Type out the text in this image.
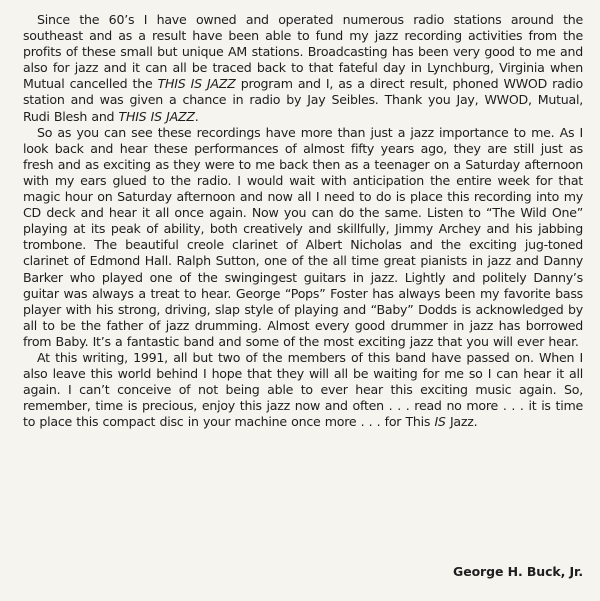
Since the 60’s I have owned and operated numerous radio stations around the southeast and as a result have been able to fund my jazz recording activities from the profits of these small but unique AM stations. Broadcasting has been very good to me and also for jazz and it can all be traced back to that fateful day in Lynchburg, Virginia when Mutual cancelled the THIS IS JAZZ program and I, as a direct result, phoned WWOD radio station and was given a chance in radio by Jay Seibles. Thank you Jay, WWOD, Mutual, Rudi Blesh and THIS IS JAZZ.

So as you can see these recordings have more than just a jazz importance to me. As I look back and hear these performances of almost fifty years ago, they are still just as fresh and as exciting as they were to me back then as a teenager on a Saturday afternoon with my ears glued to the radio. I would wait with anticipation the entire week for that magic hour on Saturday afternoon and now all I need to do is place this recording into my CD deck and hear it all once again. Now you can do the same. Listen to “The Wild One” playing at its peak of ability, both creatively and skillfully, Jimmy Archey and his jabbing trombone. The beautiful creole clarinet of Albert Nicholas and the exciting jug-toned clarinet of Edmond Hall. Ralph Sutton, one of the all time great pianists in jazz and Danny Barker who played one of the swingingest guitars in jazz. Lightly and politely Danny’s guitar was always a treat to hear. George “Pops” Foster has always been my favorite bass player with his strong, driving, slap style of playing and “Baby” Dodds is acknowledged by all to be the father of jazz drumming. Almost every good drummer in jazz has borrowed from Baby. It’s a fantastic band and some of the most exciting jazz that you will ever hear.

At this writing, 1991, all but two of the members of this band have passed on. When I also leave this world behind I hope that they will all be waiting for me so I can hear it all again. I can’t conceive of not being able to ever hear this exciting music again. So, remember, time is precious, enjoy this jazz now and often . . . read no more . . . it is time to place this compact disc in your machine once more . . . for This IS Jazz.

George H. Buck, Jr.
